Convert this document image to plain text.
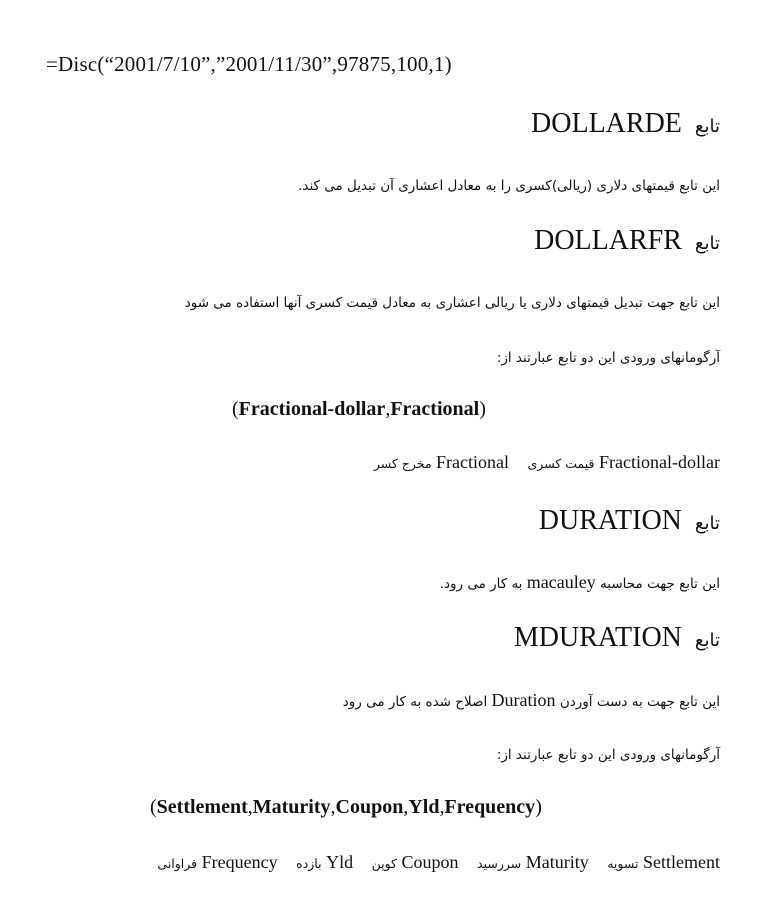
=Disc(“2001/7/10”,”2001/11/30”,97875,100,1)
تابع DOLLARDE
این تابع قیمتهای دلاری (ریالی)کسری را به معادل اعشاری آن تبدیل می کند.
تابع DOLLARFR
این تابع جهت تبدیل قیمتهای دلاری یا ریالی اعشاری به معادل قیمت کسری آنها استفاده می شود
آرگومانهای ورودی این دو تابع عبارتند از:
(Fractional-dollar,Fractional)
Fractional-dollar قیمت کسری Fractional مخرج کسر
تابع DURATION
این تابع جهت محاسبه macauley به کار می رود.
تابع MDURATION
این تابع جهت به دست آوردن Duration اصلاح شده به کار می رود
آرگومانهای ورودی این دو تابع عبارتند از:
(Settlement,Maturity,Coupon,Yld,Frequency)
Settlement تسویه Maturity سررسید Coupon کوپن Yld بازده Frequency فراوانی
